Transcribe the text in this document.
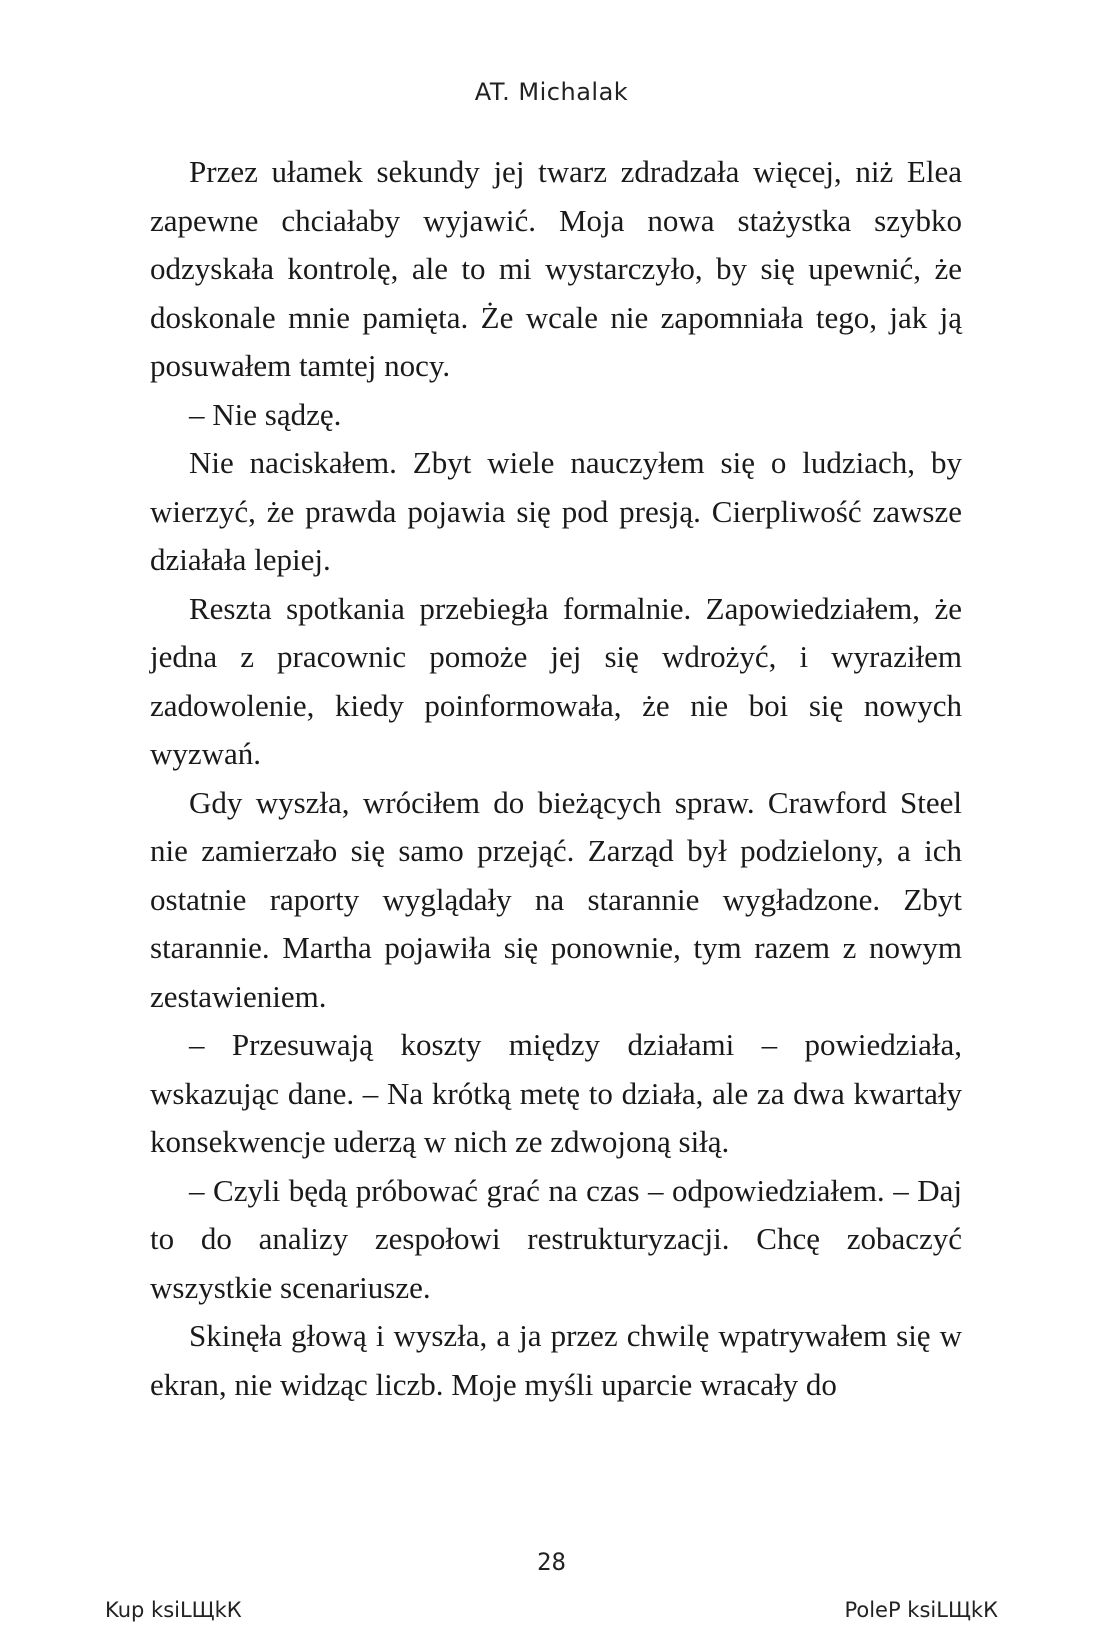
AT. Michalak

Przez ułamek sekundy jej twarz zdradzała więcej, niż Elea zapewne chciałaby wyjawić. Moja nowa stażystka szybko odzyskała kontrolę, ale to mi wystarczyło, by się upewnić, że doskonale mnie pamięta. Że wcale nie zapomniała tego, jak ją posuwałem tamtej nocy.

– Nie sądzę.

Nie naciskałem. Zbyt wiele nauczyłem się o ludziach, by wierzyć, że prawda pojawia się pod presją. Cierpliwość zawsze działała lepiej.

Reszta spotkania przebiegła formalnie. Zapowiedziałem, że jedna z pracownic pomoże jej się wdrożyć, i wyraziłem zadowolenie, kiedy poinformowała, że nie boi się nowych wyzwań.

Gdy wyszła, wróciłem do bieżących spraw. Crawford Steel nie zamierzało się samo przejąć. Zarząd był podzielony, a ich ostatnie raporty wyglądały na starannie wygładzone. Zbyt starannie. Martha pojawiła się ponownie, tym razem z nowym zestawieniem.

– Przesuwają koszty między działami – powiedziała, wskazując dane. – Na krótką metę to działa, ale za dwa kwartały konsekwencje uderzą w nich ze zdwojoną siłą.

– Czyli będą próbować grać na czas – odpowiedziałem. – Daj to do analizy zespołowi restrukturyzacji. Chcę zobaczyć wszystkie scenariusze.

Skinęła głową i wyszła, a ja przez chwilę wpatrywałem się w ekran, nie widząc liczb. Moje myśli uparcie wracały do

28
Kup ksiLЩkК	PoleP ksiLЩkК
